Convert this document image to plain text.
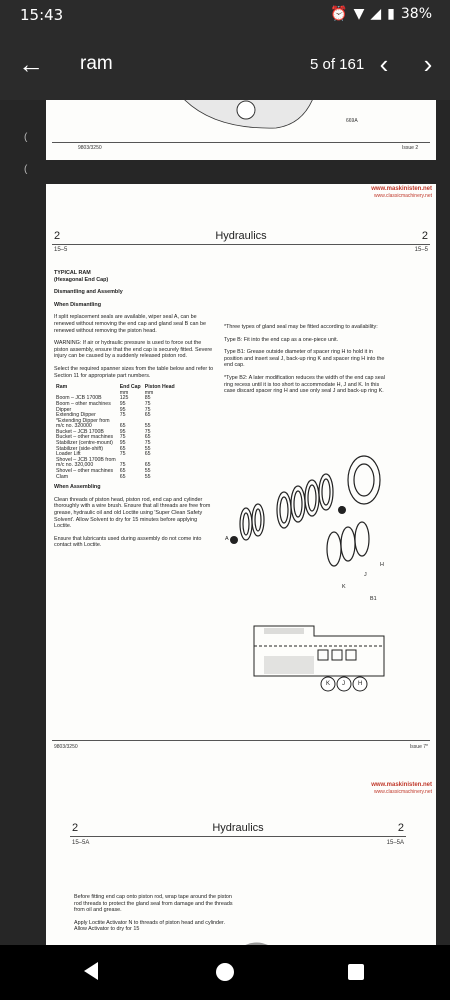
15:43	⏰ ▼ ◢ ▮ 38%
← ram	5 of 161 ‹	›
669A
9803/3250	Issue 2
(
(

www.maskinisten.net
www.classicmachinery.net
2	Hydraulics	2
15–5	15–5
TYPICAL RAM
(Hexagonal End Cap)
Dismantling and Assembly
When Dismantling

If split replacement seals are available, wiper seal A, can be renewed without removing the end cap and gland seal B can be renewed without removing the piston head.

WARNING: If air or hydraulic pressure is used to force out the piston assembly, ensure that the end cap is securely fitted. Severe injury can be caused by a suddenly released piston rod.

Select the required spanner sizes from the table below and refer to Section 11 for appropriate part numbers.

Ram	End Cap	Piston Head
	mm	mm
Boom – JCB 1700B	125	85
Boom – other machines	95	75
Dipper	95	75
Extending Dipper	75	65
*Extending Dipper from		
m/c no. 320000	65	55
Bucket – JCB 1700B	95	75
Bucket – other machines	75	65
Stabilizer (centre-mount)	95	75
Stabilizer (side-shift)	65	55
Loader Lift	75	65
Shovel – JCB 1700B from		
m/c no. 320,000	75	65
Shovel – other machines	65	55
Clam	65	55
When Assembling

Clean threads of piston head, piston rod, end cap and cylinder thoroughly with a wire brush. Ensure that all threads are free from grease, hydraulic oil and old Loctite using 'Super Clean Safety Solvent'. Allow Solvent to dry for 15 minutes before applying Loctite.

Ensure that lubricants used during assembly do not come into contact with Loctite.

*Three types of gland seal may be fitted according to availability:

Type B: Fit into the end cap as a one-piece unit.

Type B1: Grease outside diameter of spacer ring H to hold it in position and insert seal J, back-up ring K and spacer ring H into the end cap.

*Type B2: A later modification reduces the width of the end cap seal ring recess until it is too short to accommodate H, J and K. In this case discard spacer ring H and use only seal J and back-up ring K.

A
B
B1
H
J
K
K J H
9803/3250	Issue 7*
www.maskinisten.net
www.classicmachinery.net
2	Hydraulics	2
15–5A	15–5A

Before fitting end cap onto piston rod, wrap tape around the piston rod threads to protect the gland seal from damage and the threads from oil and grease.

Apply Loctite Activator N to threads of piston head and cylinder. Allow Activator to dry for 15
